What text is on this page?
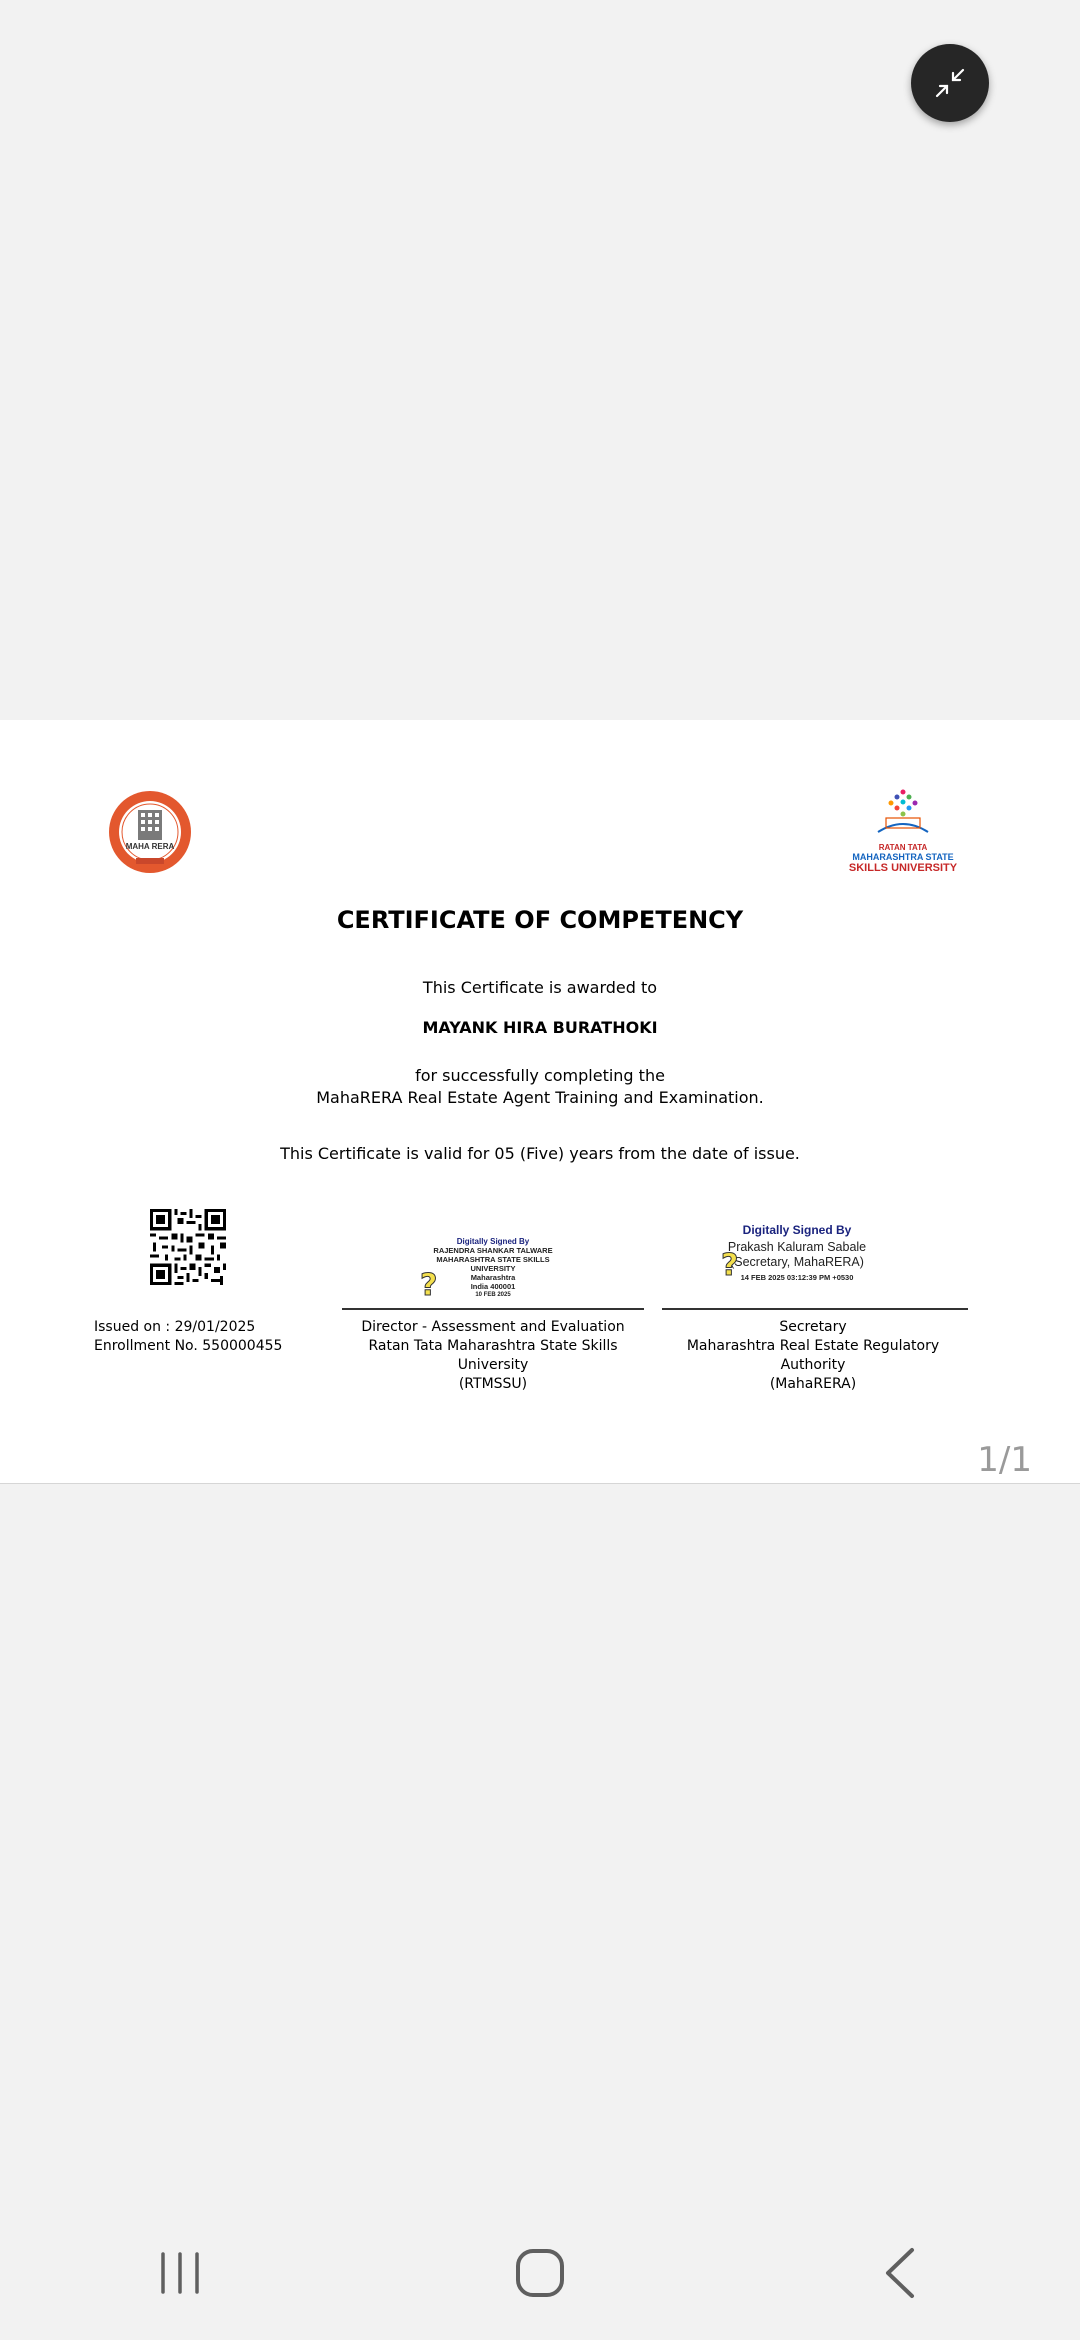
MAHA RERA	RATAN TATA
MAHARASHTRA STATE
SKILLS UNIVERSITY
CERTIFICATE OF COMPETENCY
This Certificate is awarded to
MAYANK HIRA BURATHOKI
for successfully completing the
MahaRERA Real Estate Agent Training and Examination.
This Certificate is valid for 05 (Five) years from the date of issue.
Issued on : 29/01/2025
Enrollment No. 550000455
Digitally Signed By
RAJENDRA SHANKAR TALWARE
MAHARASHTRA STATE SKILLS
UNIVERSITY
Maharashtra
India 400001
10 FEB 2025
?
Digitally Signed By
Prakash Kaluram Sabale
(Secretary, MahaRERA)
14 FEB 2025 03:12:39 PM +0530
?
Director - Assessment and Evaluation
Ratan Tata Maharashtra State Skills University
(RTMSSU)
Secretary
Maharashtra Real Estate Regulatory Authority
(MahaRERA)
1/1
